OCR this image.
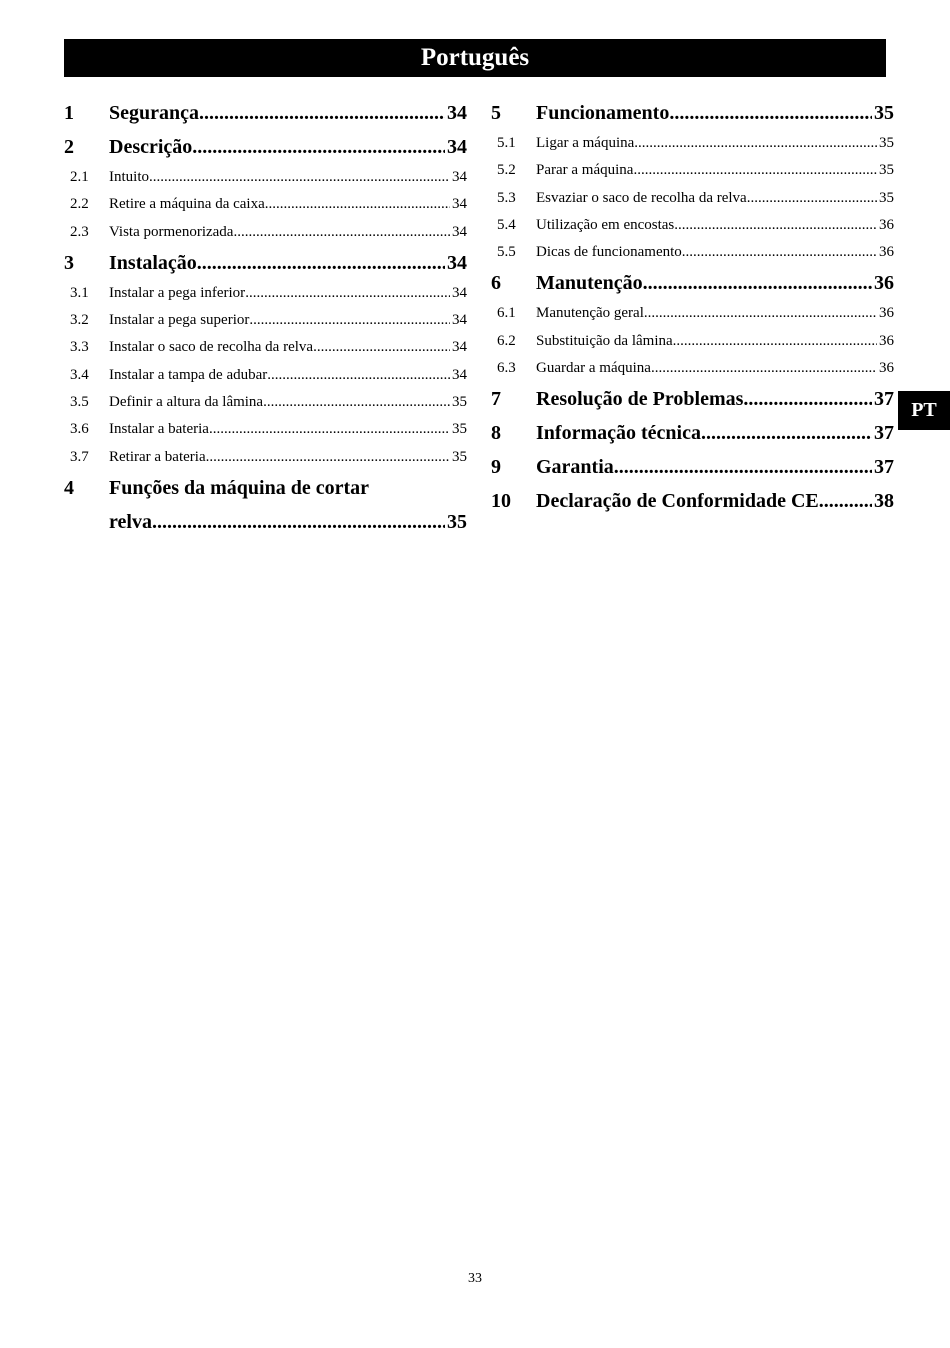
Português
PT
1	Segurança .....	34
2	Descrição .....	34
2.1	Intuito .....	34
2.2	Retire a máquina da caixa .....	34
2.3	Vista pormenorizada .....	34
3	Instalação .....	34
3.1	Instalar a pega inferior .....	34
3.2	Instalar a pega superior .....	34
3.3	Instalar o saco de recolha da relva .....	34
3.4	Instalar a tampa de adubar .....	34
3.5	Definir a altura da lâmina .....	35
3.6	Instalar a bateria .....	35
3.7	Retirar a bateria .....	35
4	Funções da máquina de cortar
relva .....	35
5	Funcionamento .....	35
5.1	Ligar a máquina .....	35
5.2	Parar a máquina .....	35
5.3	Esvaziar o saco de recolha da relva .....	35
5.4	Utilização em encostas .....	36
5.5	Dicas de funcionamento .....	36
6	Manutenção .....	36
6.1	Manutenção geral .....	36
6.2	Substituição da lâmina .....	36
6.3	Guardar a máquina .....	36
7	Resolução de Problemas .....	37
8	Informação técnica .....	37
9	Garantia .....	37
10	Declaração de Conformidade CE .....	38
33
